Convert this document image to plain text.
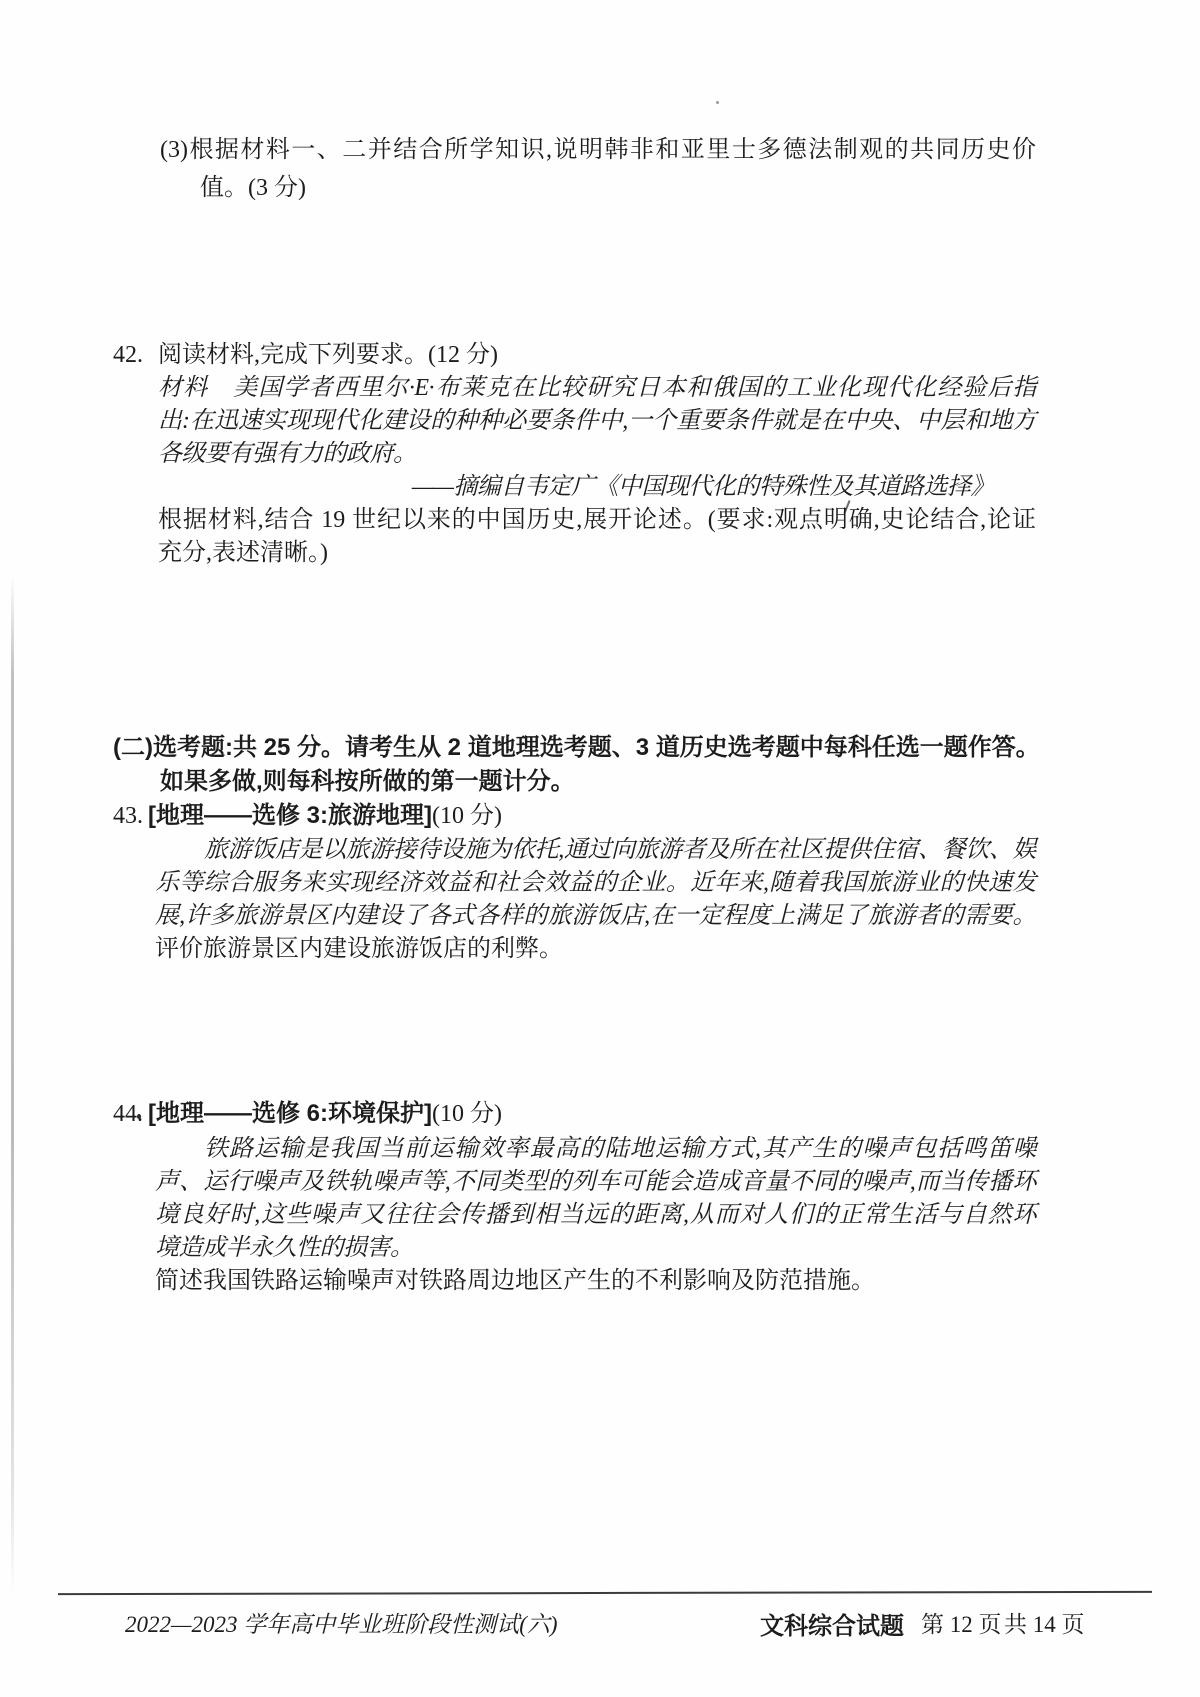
(3)根据材料一、二并结合所学知识,说明韩非和亚里士多德法制观的共同历史价
值。(3 分)
42. 阅读材料,完成下列要求。(12 分)
材料　美国学者西里尔·E·布莱克在比较研究日本和俄国的工业化现代化经验后指
出:在迅速实现现代化建设的种种必要条件中,一个重要条件就是在中央、中层和地方
各级要有强有力的政府。
——摘编自韦定广《中国现代化的特殊性及其道路选择》
根据材料,结合 19 世纪以来的中国历史,展开论述。(要求:观点明确,史论结合,论证
充分,表述清晰。)
(二)选考题:共 25 分。请考生从 2 道地理选考题、3 道历史选考题中每科任选一题作答。
如果多做,则每科按所做的第一题计分。
43. [地理——选修 3:旅游地理](10 分)
旅游饭店是以旅游接待设施为依托,通过向旅游者及所在社区提供住宿、餐饮、娱
乐等综合服务来实现经济效益和社会效益的企业。近年来,随着我国旅游业的快速发
展,许多旅游景区内建设了各式各样的旅游饭店,在一定程度上满足了旅游者的需要。
评价旅游景区内建设旅游饭店的利弊。
44. [地理——选修 6:环境保护](10 分)
铁路运输是我国当前运输效率最高的陆地运输方式,其产生的噪声包括鸣笛噪
声、运行噪声及铁轨噪声等,不同类型的列车可能会造成音量不同的噪声,而当传播环
境良好时,这些噪声又往往会传播到相当远的距离,从而对人们的正常生活与自然环
境造成半永久性的损害。
简述我国铁路运输噪声对铁路周边地区产生的不利影响及防范措施。
2022—2023 学年高中毕业班阶段性测试(六)	文科综合试题 第 12 页 共 14 页
